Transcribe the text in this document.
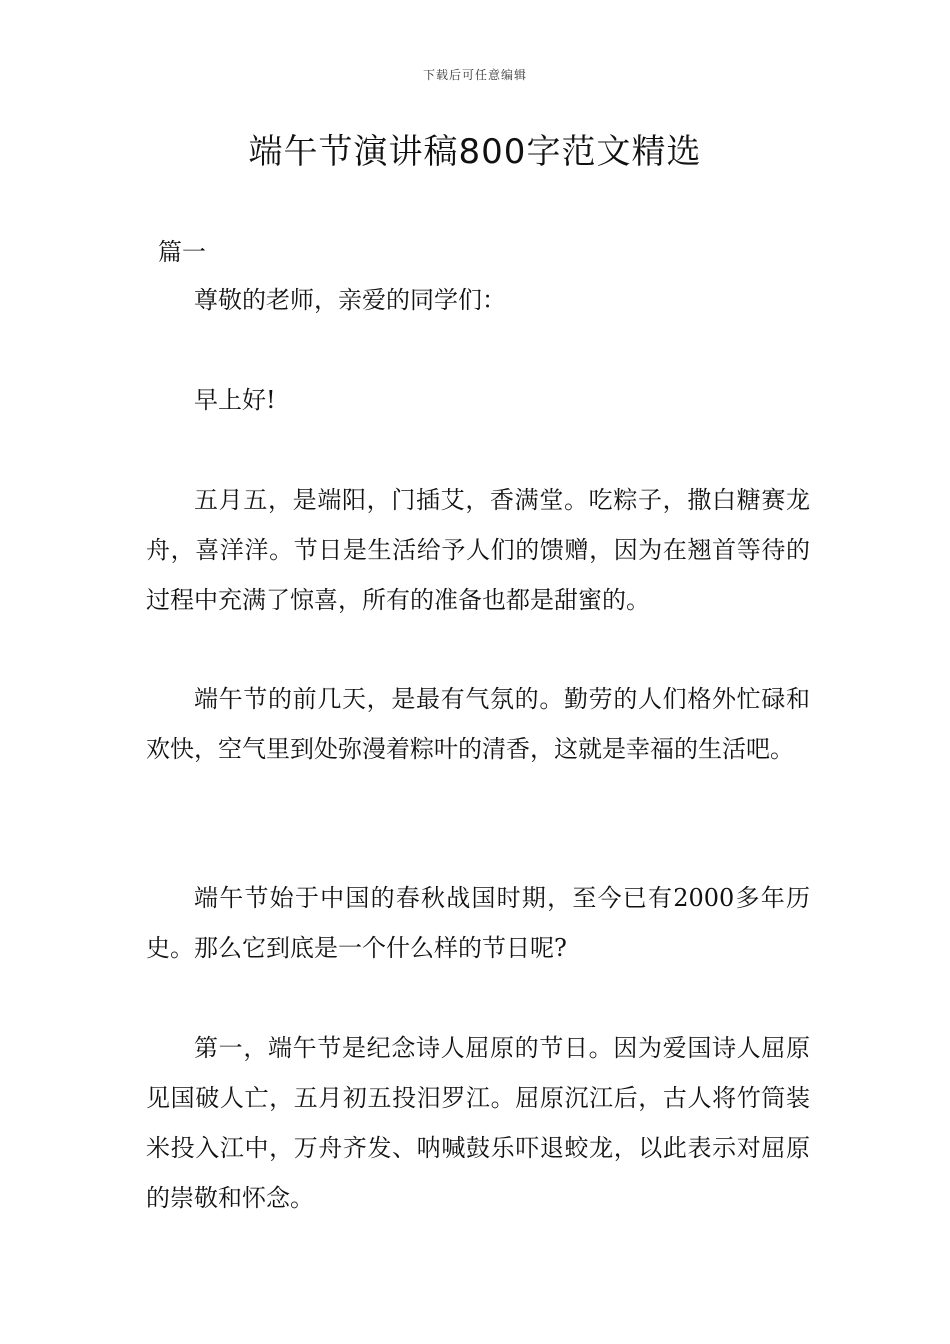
下载后可任意编辑
端午节演讲稿800字范文精选
篇一

尊敬的老师，亲爱的同学们：

早上好!

五月五，是端阳，门插艾，香满堂。吃粽子，撒白糖赛龙舟，喜洋洋。节日是生活给予人们的馈赠，因为在翘首等待的过程中充满了惊喜，所有的准备也都是甜蜜的。

端午节的前几天，是最有气氛的。勤劳的人们格外忙碌和欢快，空气里到处弥漫着粽叶的清香，这就是幸福的生活吧。

端午节始于中国的春秋战国时期，至今已有2000多年历史。那么它到底是一个什么样的节日呢?

第一，端午节是纪念诗人屈原的节日。因为爱国诗人屈原见国破人亡，五月初五投汨罗江。屈原沉江后，古人将竹筒装米投入江中，万舟齐发、呐喊鼓乐吓退蛟龙，以此表示对屈原的崇敬和怀念。
